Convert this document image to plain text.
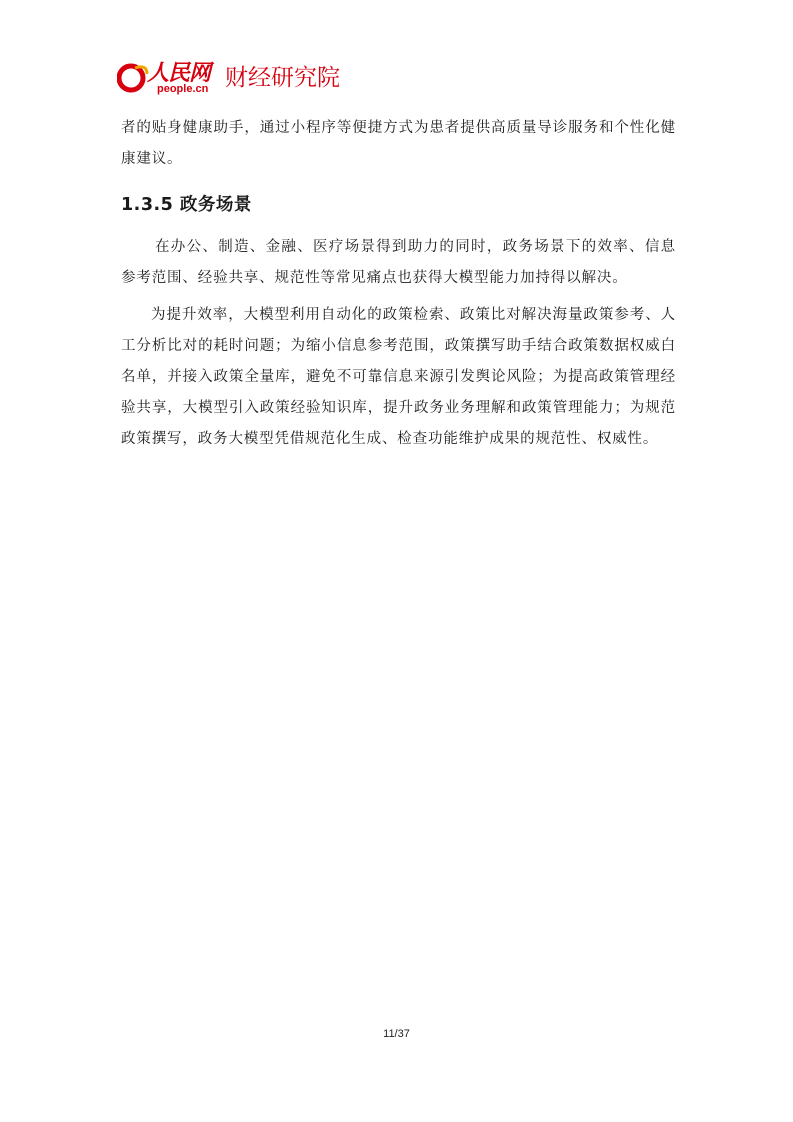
人民网
people.cn 财经研究院

者的贴身健康助手，通过小程序等便捷方式为患者提供高质量导诊服务和个性化健康建议。

1.3.5 政务场景

在办公、制造、金融、医疗场景得到助力的同时，政务场景下的效率、信息参考范围、经验共享、规范性等常见痛点也获得大模型能力加持得以解决。

为提升效率，大模型利用自动化的政策检索、政策比对解决海量政策参考、人工分析比对的耗时问题；为缩小信息参考范围，政策撰写助手结合政策数据权威白名单，并接入政策全量库，避免不可靠信息来源引发舆论风险；为提高政策管理经验共享，大模型引入政策经验知识库，提升政务业务理解和政策管理能力；为规范政策撰写，政务大模型凭借规范化生成、检查功能维护成果的规范性、权威性。

11/37
